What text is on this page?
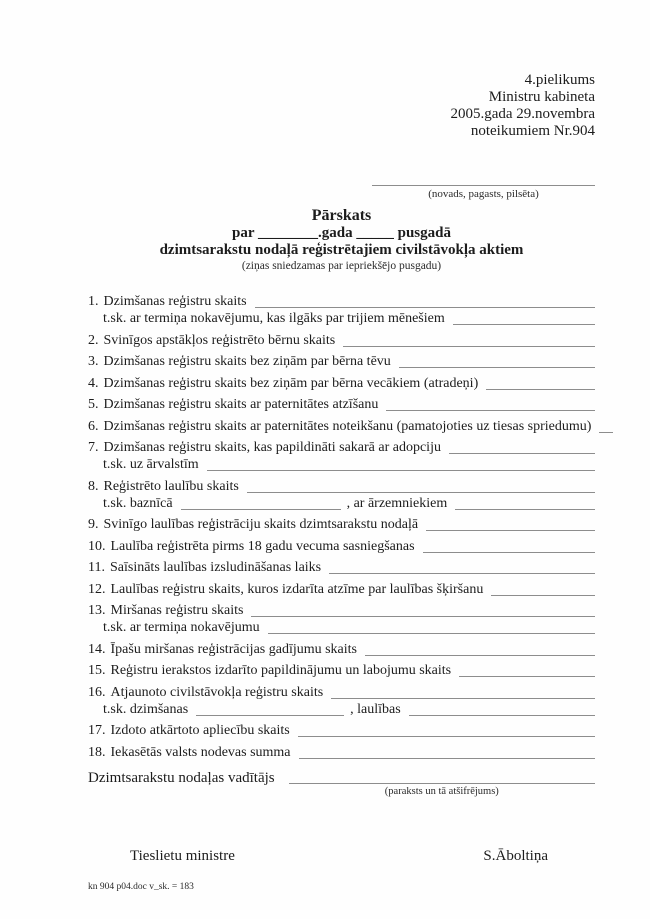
4.pielikums
Ministru kabineta
2005.gada 29.novembra
noteikumiem Nr.904
(novads, pagasts, pilsēta)
Pārskats
par ________.gada _____ pusgadā
dzimtsarakstu nodaļā reģistrētajiem civilstāvokļa aktiem
(ziņas sniedzamas par iepriekšējo pusgadu)
1. Dzimšanas reģistru skaits
t.sk. ar termiņa nokavējumu, kas ilgāks par trijiem mēnešiem
2. Svinīgos apstākļos reģistrēto bērnu skaits
3. Dzimšanas reģistru skaits bez ziņām par bērna tēvu
4. Dzimšanas reģistru skaits bez ziņām par bērna vecākiem (atradeņi)
5. Dzimšanas reģistru skaits ar paternitātes atzīšanu
6. Dzimšanas reģistru skaits ar paternitātes noteikšanu (pamatojoties uz tiesas spriedumu)
7. Dzimšanas reģistru skaits, kas papildināti sakarā ar adopciju
t.sk. uz ārvalstīm
8. Reģistrēto laulību skaits
t.sk. baznīcā	, ar ārzemniekiem
9. Svinīgo laulības reģistrāciju skaits dzimtsarakstu nodaļā
10. Laulība reģistrēta pirms 18 gadu vecuma sasniegšanas
11. Saīsināts laulības izsludināšanas laiks
12. Laulības reģistru skaits, kuros izdarīta atzīme par laulības šķiršanu
13. Miršanas reģistru skaits
t.sk. ar termiņa nokavējumu
14. Īpašu miršanas reģistrācijas gadījumu skaits
15. Reģistru ierakstos izdarīto papildinājumu un labojumu skaits
16. Atjaunoto civilstāvokļa reģistru skaits
t.sk. dzimšanas	, laulības
17. Izdoto atkārtoto apliecību skaits
18. Iekasētās valsts nodevas summa
Dzimtsarakstu nodaļas vadītājs
(paraksts un tā atšifrējums)
Tieslietu ministre	S.Āboltiņa
kn 904 p04.doc v_sk. = 183
